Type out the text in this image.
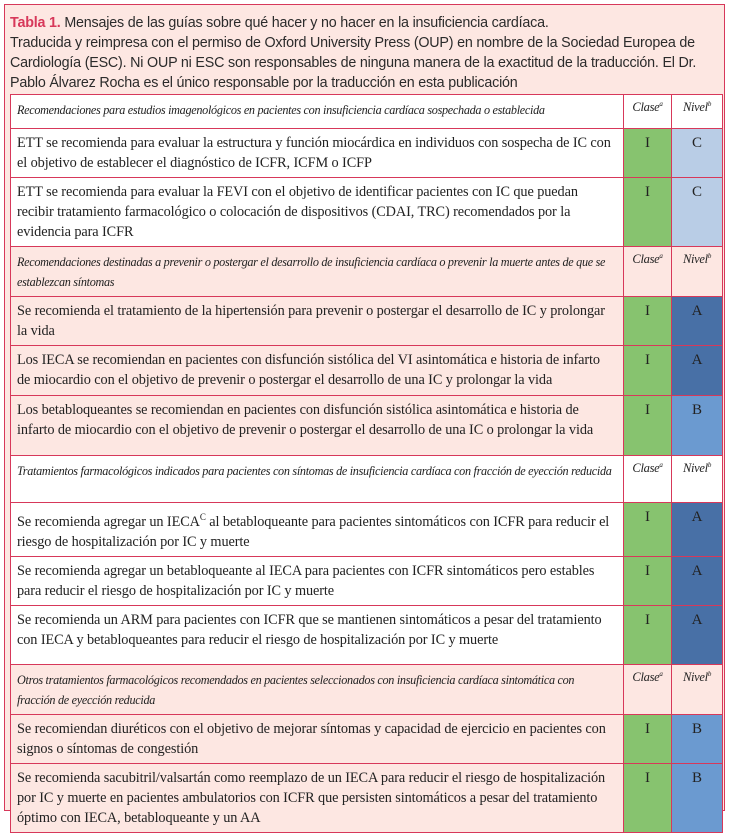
Tabla 1. Mensajes de las guías sobre qué hacer y no hacer en la insuficiencia cardíaca.
Traducida y reimpresa con el permiso de Oxford University Press (OUP) en nombre de la Sociedad Europea de Cardiología (ESC). Ni OUP ni ESC son responsables de ninguna manera de la exactitud de la traducción. El Dr. Pablo Álvarez Rocha es el único responsable por la traducción en esta publicación
Recomendaciones para estudios imagenológicos en pacientes con insuficiencia cardíaca sospechada o establecida	Clase$^a$	Nivel$^b$
ETT se recomienda para evaluar la estructura y función miocárdica en individuos con sospecha de IC con el objetivo de establecer el diagnóstico de ICFR, ICFM o ICFP	I	C
ETT se recomienda para evaluar la FEVI con el objetivo de identificar pacientes con IC que puedan recibir tratamiento farmacológico o colocación de dispositivos (CDAI, TRC) recomendados por la evidencia para ICFR	I	C
Recomendaciones destinadas a prevenir o postergar el desarrollo de insuficiencia cardíaca o prevenir la muerte antes de que se establezcan síntomas	Clase$^a$	Nivel$^b$
Se recomienda el tratamiento de la hipertensión para prevenir o postergar el desarrollo de IC y prolongar la vida	I	A
Los IECA se recomiendan en pacientes con disfunción sistólica del VI asintomática e historia de infarto de miocardio con el objetivo de prevenir o postergar el desarrollo de una IC y prolongar la vida	I	A
Los betabloqueantes se recomiendan en pacientes con disfunción sistólica asintomática e historia de infarto de miocardio con el objetivo de prevenir o postergar el desarrollo de una IC o prolongar la vida	I	B
Tratamientos farmacológicos indicados para pacientes con síntomas de insuficiencia cardíaca con fracción de eyección reducida	Clase$^a$	Nivel$^b$
Se recomienda agregar un $IECA^C$ al betabloqueante para pacientes sintomáticos con ICFR para reducir el riesgo de hospitalización por IC y muerte	I	A
Se recomienda agregar un betabloqueante al IECA para pacientes con ICFR sintomáticos pero estables para reducir el riesgo de hospitalización por IC y muerte	I	A
Se recomienda un ARM para pacientes con ICFR que se mantienen sintomáticos a pesar del tratamiento con IECA y betabloqueantes para reducir el riesgo de hospitalización por IC y muerte	I	A
Otros tratamientos farmacológicos recomendados en pacientes seleccionados con insuficiencia cardíaca sintomática con fracción de eyección reducida	Clase$^a$	Nivel$^b$
Se recomiendan diuréticos con el objetivo de mejorar síntomas y capacidad de ejercicio en pacientes con signos o síntomas de congestión	I	B
Se recomienda sacubitril/valsartán como reemplazo de un IECA para reducir el riesgo de hospitalización por IC y muerte en pacientes ambulatorios con ICFR que persisten sintomáticos a pesar del tratamiento óptimo con IECA, betabloqueante y un AA	I	B
